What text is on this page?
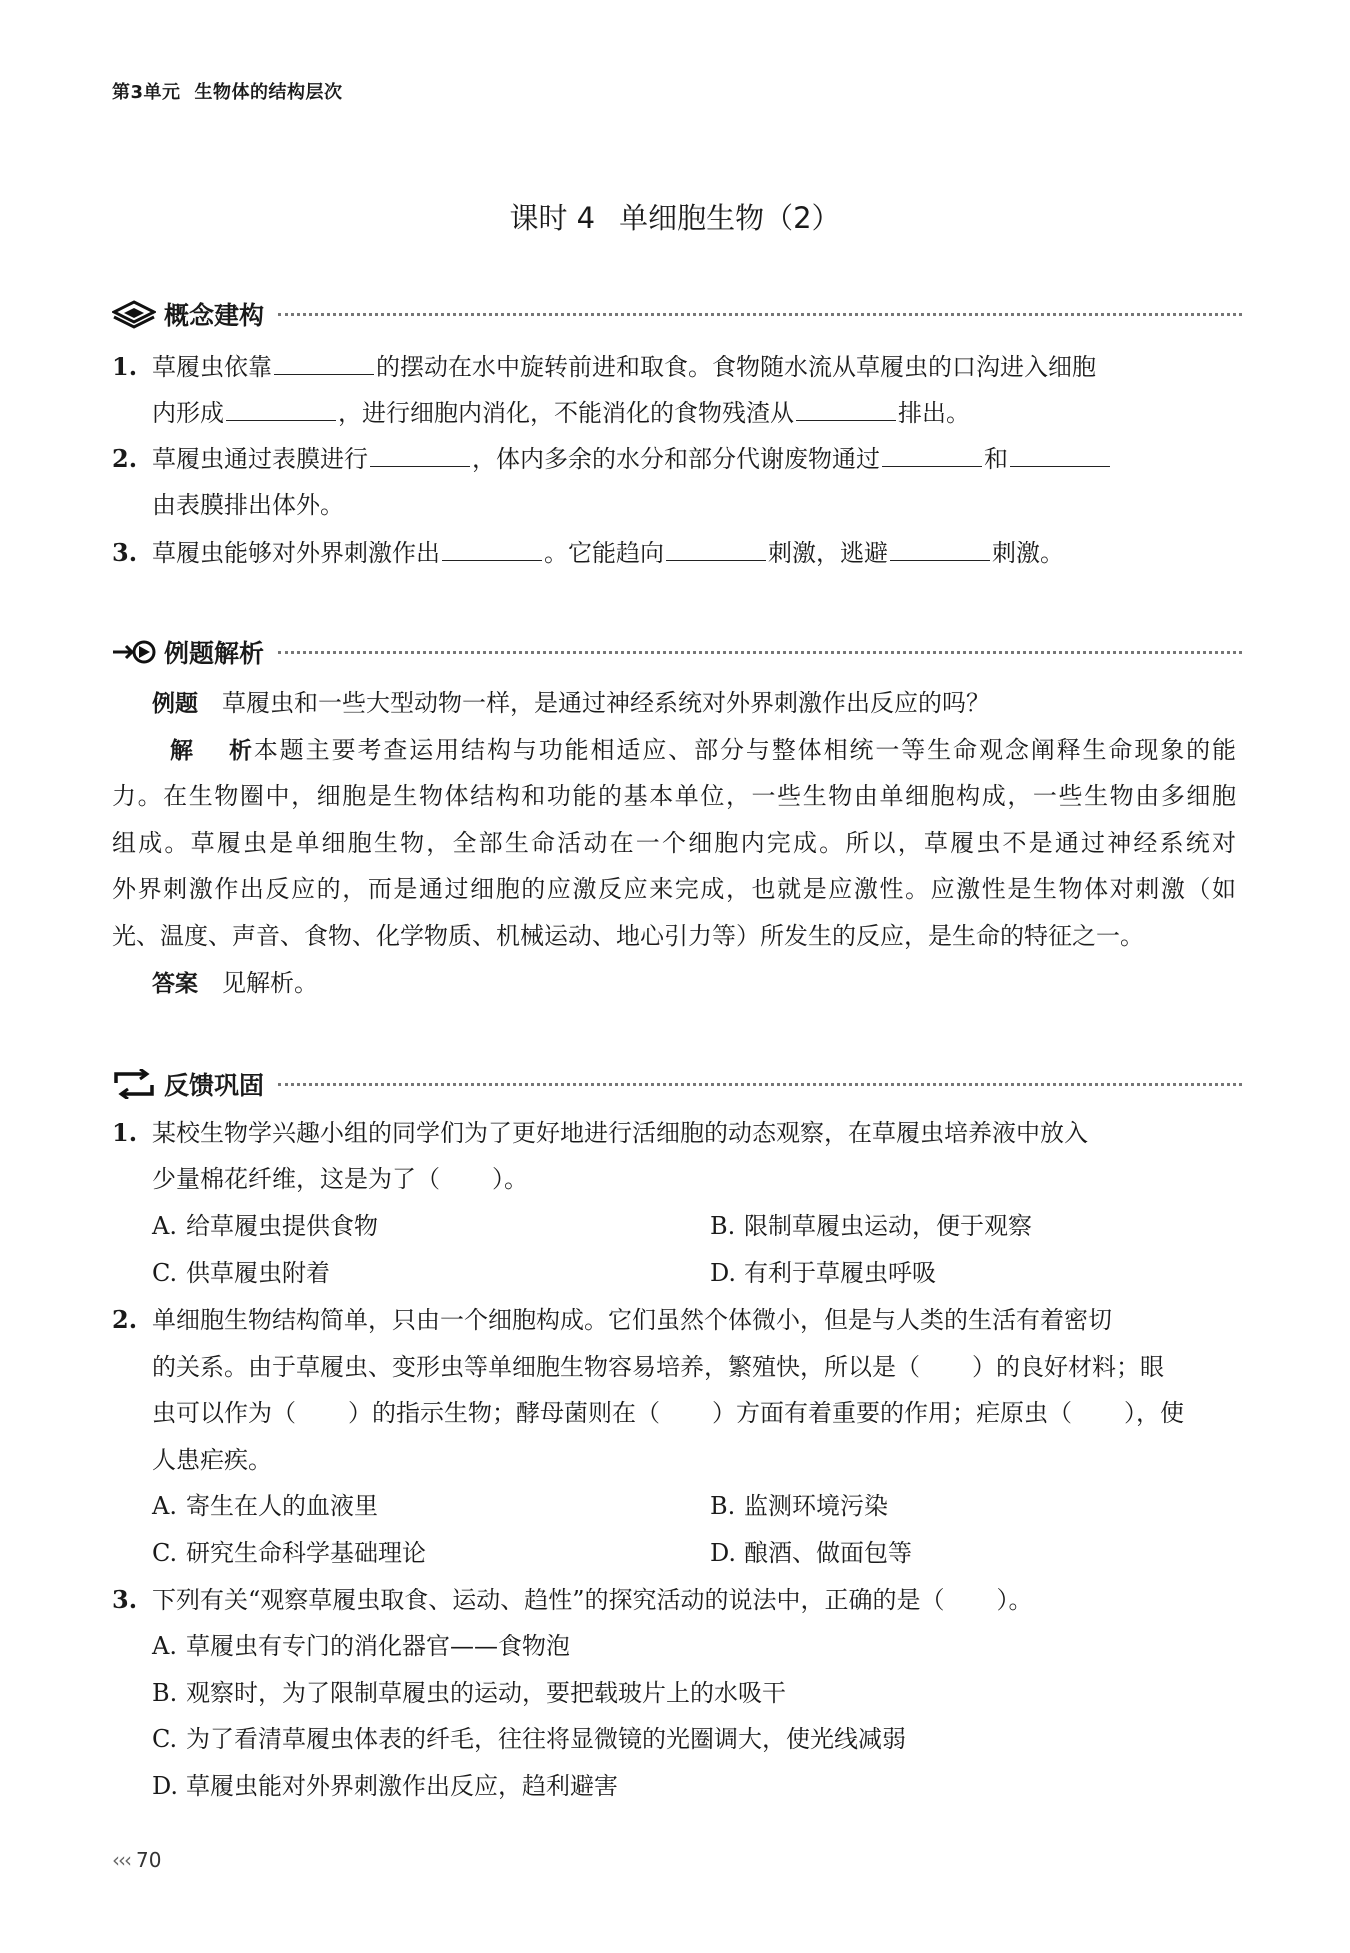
第3单元 生物体的结构层次
课时 4 单细胞生物（2）
概念建构
1. 草履虫依靠	的摆动在水中旋转前进和取食。食物随水流从草履虫的口沟进入细胞
内形成	，进行细胞内消化，不能消化的食物残渣从	排出。
2. 草履虫通过表膜进行	，体内多余的水分和部分代谢废物通过	和
由表膜排出体外。
3. 草履虫能够对外界刺激作出	。它能趋向	刺激，逃避	刺激。
例题解析
例题 草履虫和一些大型动物一样，是通过神经系统对外界刺激作出反应的吗？
解析本题主要考查运用结构与功能相适应、部分与整体相统一等生命观念阐释生命现象的能
力。在生物圈中，细胞是生物体结构和功能的基本单位，一些生物由单细胞构成，一些生物由多细胞
组成。草履虫是单细胞生物，全部生命活动在一个细胞内完成。所以，草履虫不是通过神经系统对
外界刺激作出反应的，而是通过细胞的应激反应来完成，也就是应激性。应激性是生物体对刺激（如
光、温度、声音、食物、化学物质、机械运动、地心引力等）所发生的反应，是生命的特征之一。
答案 见解析。
反馈巩固
1. 某校生物学兴趣小组的同学们为了更好地进行活细胞的动态观察，在草履虫培养液中放入
少量棉花纤维，这是为了（ ）。
A. 给草履虫提供食物	B. 限制草履虫运动，便于观察
C. 供草履虫附着	D. 有利于草履虫呼吸
2. 单细胞生物结构简单，只由一个细胞构成。它们虽然个体微小，但是与人类的生活有着密切
的关系。由于草履虫、变形虫等单细胞生物容易培养，繁殖快，所以是（ ）的良好材料；眼
虫可以作为（ ）的指示生物；酵母菌则在（ ）方面有着重要的作用；疟原虫（ ），使
人患疟疾。
A. 寄生在人的血液里	B. 监测环境污染
C. 研究生命科学基础理论	D. 酿酒、做面包等
3. 下列有关“观察草履虫取食、运动、趋性”的探究活动的说法中，正确的是（ ）。
A. 草履虫有专门的消化器官——食物泡
B. 观察时，为了限制草履虫的运动，要把载玻片上的水吸干
C. 为了看清草履虫体表的纤毛，往往将显微镜的光圈调大，使光线减弱
D. 草履虫能对外界刺激作出反应，趋利避害
‹‹‹ 70
